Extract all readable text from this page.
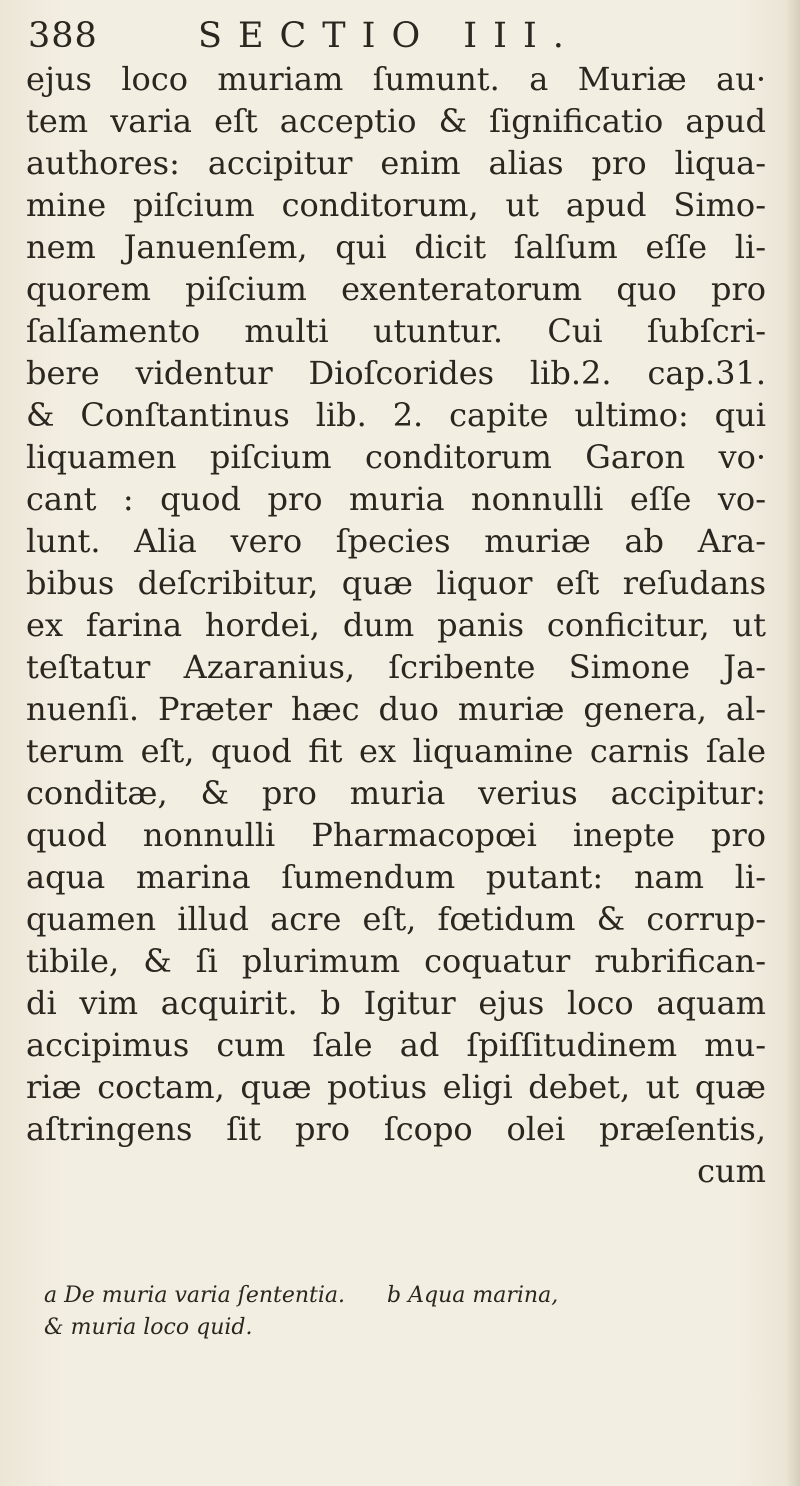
388	SECTIO III.
ejus loco muriam ſumunt. a Muriæ au·
tem varia eſt acceptio & ſignificatio apud
authores: accipitur enim alias pro liqua-
mine piſcium conditorum, ut apud Simo-
nem Januenſem, qui dicit ſalſum eſſe li-
quorem piſcium exenteratorum quo pro
ſalſamento multi utuntur. Cui ſubſcri-
bere videntur Dioſcorides lib.2. cap.31.
& Conſtantinus lib. 2. capite ultimo: qui
liquamen piſcium conditorum Garon vo·
cant : quod pro muria nonnulli eſſe vo-
lunt. Alia vero ſpecies muriæ ab Ara-
bibus deſcribitur, quæ liquor eſt reſudans
ex farina hordei, dum panis conficitur, ut
teſtatur Azaranius, ſcribente Simone Ja-
nuenſi. Præter hæc duo muriæ genera, al-
terum eſt, quod fit ex liquamine carnis ſale
conditæ, & pro muria verius accipitur:
quod nonnulli Pharmacopœi inepte pro
aqua marina ſumendum putant: nam li-
quamen illud acre eſt, fœtidum & corrup-
tibile, & ſi plurimum coquatur rubrifican-
di vim acquirit. b Igitur ejus loco aquam
accipimus cum ſale ad ſpiſſitudinem mu-
riæ coctam, quæ potius eligi debet, ut quæ
aſtringens ſit pro ſcopo olei præſentis,
cum
a De muria varia ſententia. b Aqua marina,
& muria loco quid.
